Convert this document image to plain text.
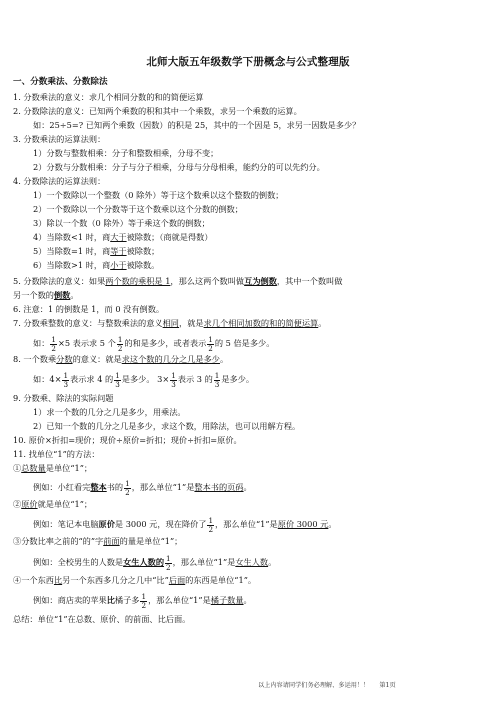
北师大版五年级数学下册概念与公式整理版
一、分数乘法、分数除法
1. 分数乘法的意义：求几个相同分数的和的简便运算
2. 分数除法的意义：已知两个乘数的积和其中一个乘数，求另一个乘数的运算。
如：25÷5=? 已知两个乘数（因数）的积是 25，其中的一个因是 5，求另一因数是多少？
3. 分数乘法的运算法则：
1）分数与整数相乘：分子和整数相乘，分母不变；
2）分数与分数相乘：分子与分子相乘，分母与分母相乘，能约分的可以先约分。
4. 分数除法的运算法则：
1）一个数除以一个整数（0 除外）等于这个数乘以这个整数的倒数；
2）一个数除以一个分数等于这个数乘以这个分数的倒数；
3）除以一个数（0 除外）等于乘这个数的倒数；
4）当除数<1 时，商大于被除数；（商就是得数）
5）当除数=1 时，商等于被除数；
6）当除数>1 时，商小于被除数。
5. 分数除法的意义：如果两个数的乘积是 1，那么这两个数叫做互为倒数，其中一个数叫做
另一个数的倒数。
6. 注意：1 的倒数是 1，而 0 没有倒数。
7. 分数乘整数的意义：与整数乘法的意义相同，就是求几个相同加数的和的简便运算。
如： $\frac{1}{2} \times 5$ 表示求 5 个 $\frac{1}{2}$ 的和是多少，或者表示 $\frac{1}{2}$ 的 5 倍是多少。
8. 一个数乘分数的意义：就是求这个数的几分之几是多少。
如：$4\times \frac{1}{3}$ 表示求 4 的 $\frac{1}{3}$ 是多少。 $3\times \frac{1}{3}$ 表示 3 的 $\frac{1}{3}$ 是多少。
9. 分数乘、除法的实际问题
1）求一个数的几分之几是多少，用乘法。
2）已知一个数的几分之几是多少，求这个数，用除法，也可以用解方程。
10. 原价×折扣=现价；现价÷原价=折扣；现价÷折扣=原价。
11. 找单位“1”的方法：
①总数量是单位“1”；
例如：小红看完整本书的 $\frac{1}{2}$ ，那么单位“1”是整本书的页码。
②原价就是单位“1”；
例如：笔记本电脑原价是 3000 元，现在降价了 $\frac{1}{2}$ ，那么单位“1”是原价 3000 元。
③分数比率之前的“的”字前面的量是单位“1”；
例如：全校男生的人数是女生人数的 $\frac{1}{2}$ ，那么单位“1”是女生人数。
④一个东西比另一个东西多几分之几中“比”后面的东西是单位“1”。
例如：商店卖的苹果比橘子多 $\frac{1}{2}$ ，那么单位“1”是橘子数量。
总结：单位“1”在总数、原价、的前面、比后面。
以上内容请同学们务必理解、多运用！！ 第1页
